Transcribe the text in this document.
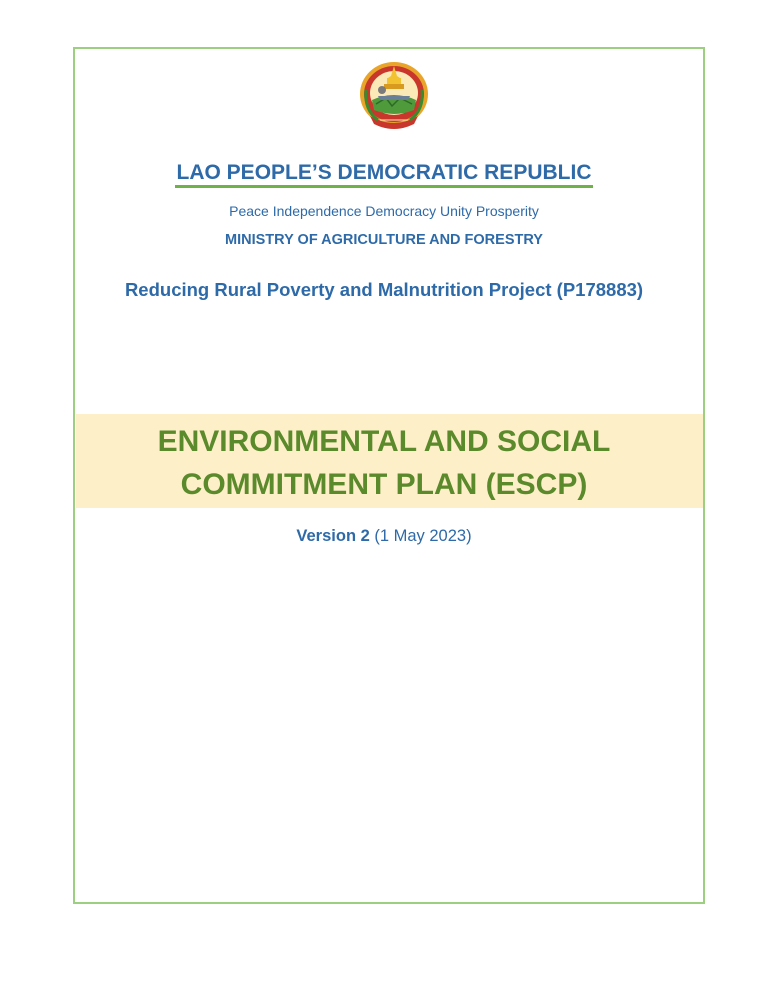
LAO PEOPLE’S DEMOCRATIC REPUBLIC
Peace Independence Democracy Unity Prosperity
MINISTRY OF AGRICULTURE AND FORESTRY
Reducing Rural Poverty and Malnutrition Project (P178883)
ENVIRONMENTAL AND SOCIAL
COMMITMENT PLAN (ESCP)
Version 2 (1 May 2023)
